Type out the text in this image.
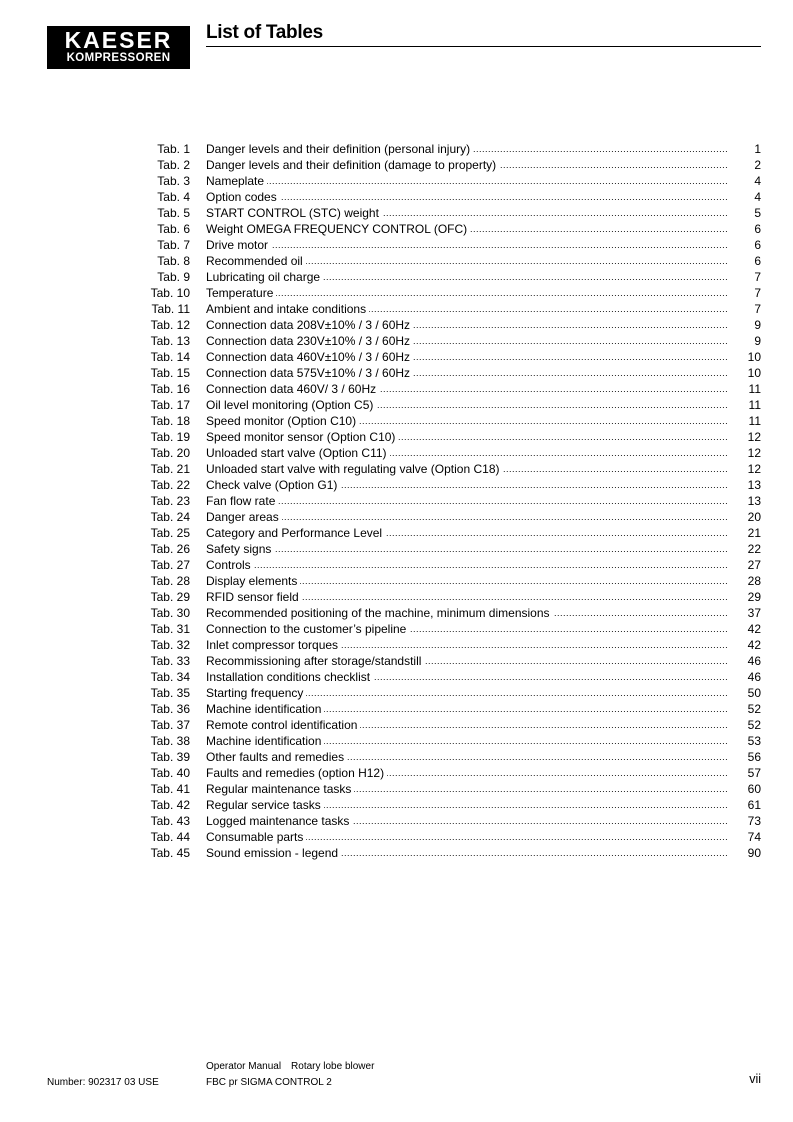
KAESER
KOMPRESSOREN
List of Tables
Tab. 1 Danger levels and their definition (personal injury) .....	1
Tab. 2 Danger levels and their definition (damage to property) .....	2
Tab. 3 Nameplate .....	4
Tab. 4 Option codes .....	4
Tab. 5 START CONTROL (STC) weight .....	5
Tab. 6 Weight OMEGA FREQUENCY CONTROL (OFC) .....	6
Tab. 7 Drive motor .....	6
Tab. 8 Recommended oil .....	6
Tab. 9 Lubricating oil charge .....	7
Tab. 10 Temperature .....	7
Tab. 11 Ambient and intake conditions .....	7
Tab. 12 Connection data 208V±10% / 3 / 60Hz .....	9
Tab. 13 Connection data 230V±10% / 3 / 60Hz .....	9
Tab. 14 Connection data 460V±10% / 3 / 60Hz .....	10
Tab. 15 Connection data 575V±10% / 3 / 60Hz .....	10
Tab. 16 Connection data 460V/ 3 / 60Hz .....	11
Tab. 17 Oil level monitoring (Option C5) .....	11
Tab. 18 Speed monitor (Option C10) .....	11
Tab. 19 Speed monitor sensor (Option C10) .....	12
Tab. 20 Unloaded start valve (Option C11) .....	12
Tab. 21 Unloaded start valve with regulating valve (Option C18) .....	12
Tab. 22 Check valve (Option G1) .....	13
Tab. 23 Fan flow rate .....	13
Tab. 24 Danger areas .....	20
Tab. 25 Category and Performance Level .....	21
Tab. 26 Safety signs .....	22
Tab. 27 Controls .....	27
Tab. 28 Display elements .....	28
Tab. 29 RFID sensor field .....	29
Tab. 30 Recommended positioning of the machine, minimum dimensions .....	37
Tab. 31 Connection to the customer’s pipeline .....	42
Tab. 32 Inlet compressor torques .....	42
Tab. 33 Recommissioning after storage/standstill .....	46
Tab. 34 Installation conditions checklist .....	46
Tab. 35 Starting frequency .....	50
Tab. 36 Machine identification .....	52
Tab. 37 Remote control identification .....	52
Tab. 38 Machine identification .....	53
Tab. 39 Other faults and remedies .....	56
Tab. 40 Faults and remedies (option H12) .....	57
Tab. 41 Regular maintenance tasks .....	60
Tab. 42 Regular service tasks .....	61
Tab. 43 Logged maintenance tasks .....	73
Tab. 44 Consumable parts .....	74
Tab. 45 Sound emission - legend .....	90
Number: 902317 03 USE
Operator Manual Rotary lobe blower
FBC pr SIGMA CONTROL 2	vii
